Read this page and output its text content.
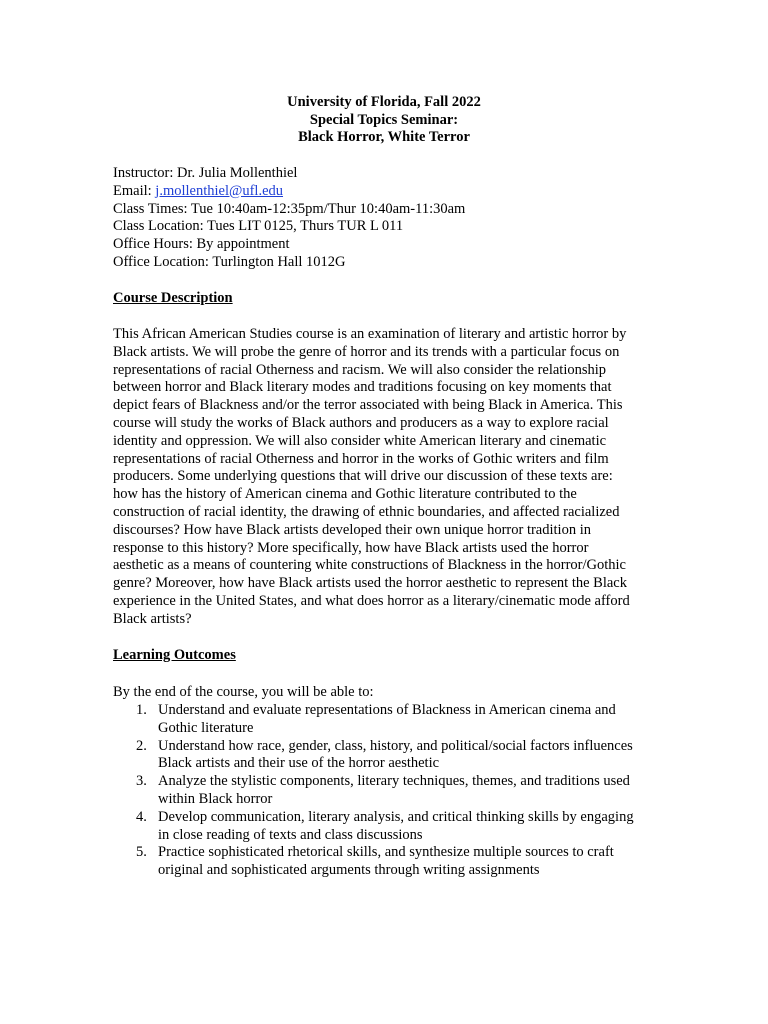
University of Florida, Fall 2022
Special Topics Seminar:
Black Horror, White Terror
Instructor: Dr. Julia Mollenthiel
Email: j.mollenthiel@ufl.edu
Class Times: Tue 10:40am-12:35pm/Thur 10:40am-11:30am
Class Location: Tues LIT 0125, Thurs TUR L 011
Office Hours: By appointment
Office Location: Turlington Hall 1012G
Course Description
This African American Studies course is an examination of literary and artistic horror by
Black artists. We will probe the genre of horror and its trends with a particular focus on
representations of racial Otherness and racism. We will also consider the relationship
between horror and Black literary modes and traditions focusing on key moments that
depict fears of Blackness and/or the terror associated with being Black in America. This
course will study the works of Black authors and producers as a way to explore racial
identity and oppression. We will also consider white American literary and cinematic
representations of racial Otherness and horror in the works of Gothic writers and film
producers. Some underlying questions that will drive our discussion of these texts are:
how has the history of American cinema and Gothic literature contributed to the
construction of racial identity, the drawing of ethnic boundaries, and affected racialized
discourses? How have Black artists developed their own unique horror tradition in
response to this history? More specifically, how have Black artists used the horror
aesthetic as a means of countering white constructions of Blackness in the horror/Gothic
genre? Moreover, how have Black artists used the horror aesthetic to represent the Black
experience in the United States, and what does horror as a literary/cinematic mode afford
Black artists?
Learning Outcomes
By the end of the course, you will be able to:
1. Understand and evaluate representations of Blackness in American cinema and
Gothic literature
2. Understand how race, gender, class, history, and political/social factors influences
Black artists and their use of the horror aesthetic
3. Analyze the stylistic components, literary techniques, themes, and traditions used
within Black horror
4. Develop communication, literary analysis, and critical thinking skills by engaging
in close reading of texts and class discussions
5. Practice sophisticated rhetorical skills, and synthesize multiple sources to craft
original and sophisticated arguments through writing assignments
